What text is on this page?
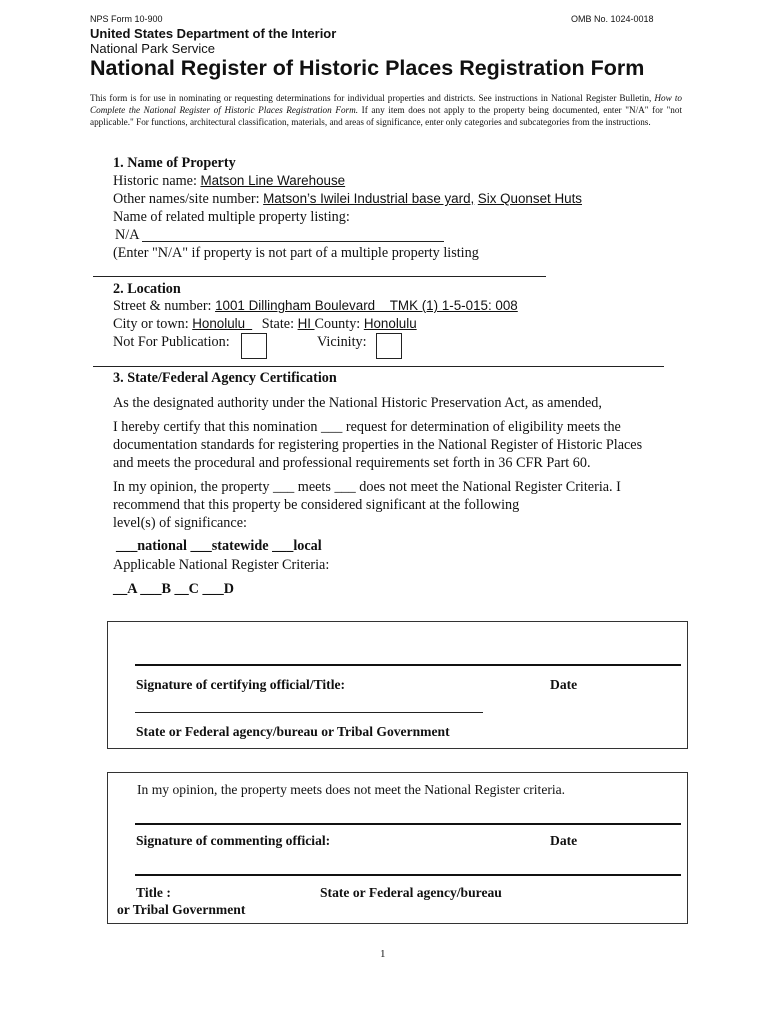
NPS Form 10-900	OMB No. 1024-0018
United States Department of the Interior
National Park Service
National Register of Historic Places Registration Form
This form is for use in nominating or requesting determinations for individual properties and districts. See instructions in National Register Bulletin, How to Complete the National Register of Historic Places Registration Form. If any item does not apply to the property being documented, enter "N/A" for "not applicable." For functions, architectural classification, materials, and areas of significance, enter only categories and subcategories from the instructions.
1. Name of Property
Historic name: Matson Line Warehouse
Other names/site number: Matson’s Iwilei Industrial base yard, Six Quonset Huts
Name of related multiple property listing:
N/A
(Enter "N/A" if property is not part of a multiple property listing
2. Location
Street & number: 1001 Dillingham Boulevard    TMK (1) 1-5-015: 008
City or town: Honolulu State: HI County: Honolulu
Not For Publication:	Vicinity:
3. State/Federal Agency Certification
As the designated authority under the National Historic Preservation Act, as amended,
I hereby certify that this nomination ___ request for determination of eligibility meets the
documentation standards for registering properties in the National Register of Historic Places
and meets the procedural and professional requirements set forth in 36 CFR Part 60.
In my opinion, the property ___ meets ___ does not meet the National Register Criteria. I
recommend that this property be considered significant at the following
level(s) of significance:
___national ___statewide ___local
Applicable National Register Criteria:
__A ___B __C ___D
Signature of certifying official/Title:	Date
State or Federal agency/bureau or Tribal Government
In my opinion, the property meets does not meet the National Register criteria.
Signature of commenting official:	Date
Title :	State or Federal agency/bureau
or Tribal Government
1
